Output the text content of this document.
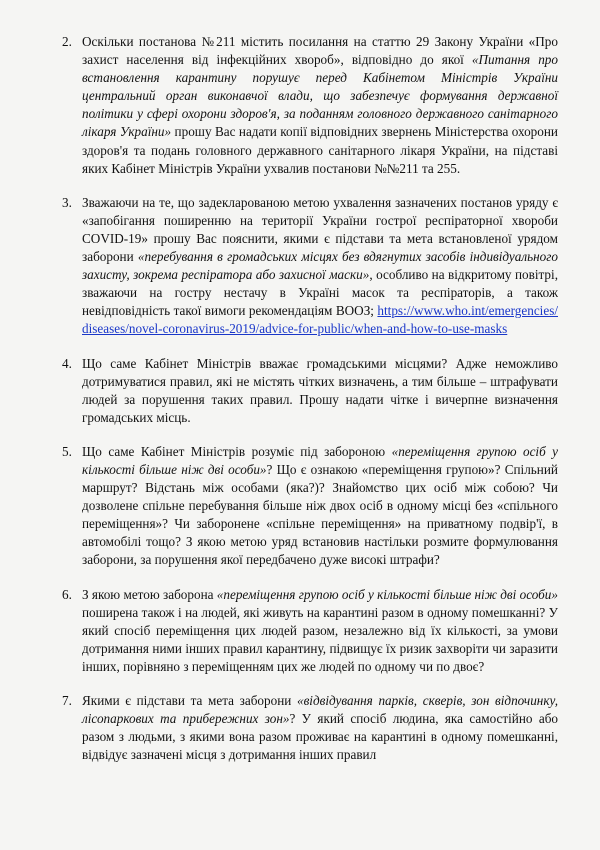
2. Оскільки постанова №211 містить посилання на статтю 29 Закону України «Про захист населення від інфекційних хвороб», відповідно до якої «Питання про встановлення карантину порушує перед Кабінетом Міністрів України центральний орган виконавчої влади, що забезпечує формування державної політики у сфері охорони здоров'я, за поданням головного державного санітарного лікаря України» прошу Вас надати копії відповідних звернень Міністерства охорони здоров'я та подань головного державного санітарного лікаря України, на підставі яких Кабінет Міністрів України ухвалив постанови №№211 та 255.
3. Зважаючи на те, що задекларованою метою ухвалення зазначених постанов уряду є «запобігання поширенню на території України гострої респіраторної хвороби COVID-19» прошу Вас пояснити, якими є підстави та мета встановленої урядом заборони «перебування в громадських місцях без вдягнутих засобів індивідуального захисту, зокрема респіратора або захисної маски», особливо на відкритому повітрі, зважаючи на гостру нестачу в Україні масок та респіраторів, а також невідповідність такої вимоги рекомендаціям ВООЗ; https://www.who.int/emergencies/diseases/novel-coronavirus-2019/advice-for-public/when-and-how-to-use-masks
4. Що саме Кабінет Міністрів вважає громадськими місцями? Адже неможливо дотримуватися правил, які не містять чітких визначень, а тим більше – штрафувати людей за порушення таких правил. Прошу надати чітке і вичерпне визначення громадських місць.
5. Що саме Кабінет Міністрів розуміє під забороною «переміщення групою осіб у кількості більше ніж дві особи»? Що є ознакою «переміщення групою»? Спільний маршрут? Відстань між особами (яка?)? Знайомство цих осіб між собою? Чи дозволене спільне перебування більше ніж двох осіб в одному місці без «спільного переміщення»? Чи заборонене «спільне переміщення» на приватному подвір'ї, в автомобілі тощо? З якою метою уряд встановив настільки розмите формулювання заборони, за порушення якої передбачено дуже високі штрафи?
6. З якою метою заборона «переміщення групою осіб у кількості більше ніж дві особи» поширена також і на людей, які живуть на карантині разом в одному помешканні? У який спосіб переміщення цих людей разом, незалежно від їх кількості, за умови дотримання ними інших правил карантину, підвищує їх ризик захворіти чи заразити інших, порівняно з переміщенням цих же людей по одному чи по двоє?
7. Якими є підстави та мета заборони «відвідування парків, скверів, зон відпочинку, лісопаркових та прибережних зон»? У який спосіб людина, яка самостійно або разом з людьми, з якими вона разом проживає на карантині в одному помешканні, відвідує зазначені місця з дотримання інших правил
